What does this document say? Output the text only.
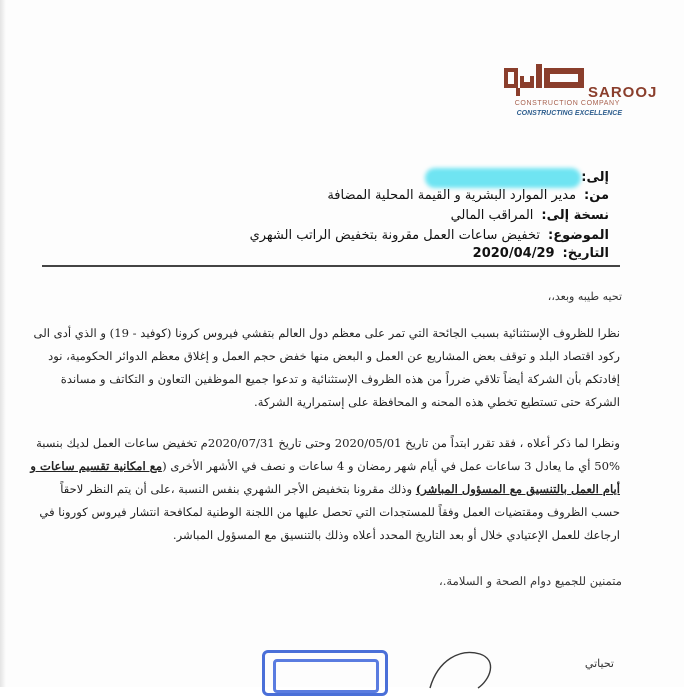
SAROOJ
CONSTRUCTION COMPANY
CONSTRUCTING EXCELLENCE
إلى:
من:مدير الموارد البشرية و القيمة المحلية المضافة
نسخة إلى:المراقب المالي
الموضوع:تخفيض ساعات العمل مقرونة بتخفيض الراتب الشهري
التاريخ:2020/04/29
تحيه طيبه وبعد،،
نظرا للظروف الإستثنائية بسبب الجائحة التي تمر على معظم دول العالم بتفشي فيروس كرونا (كوفيد - 19) و الذي أدى الى
ركود اقتصاد البلد و توقف بعض المشاريع عن العمل و البعض منها خفض حجم العمل و إغلاق معظم الدوائر الحكومية، نود
إفادتكم بأن الشركة أيضاً تلاقي ضرراً من هذه الظروف الإستثنائية و تدعوا جميع الموظفين التعاون و التكاتف و مساندة
الشركة حتى تستطيع تخطي هذه المحنه و المحافظة على إستمرارية الشركة.
ونظرا لما ذكر أعلاه ، فقد تقرر ابتداً من تاريخ 2020/05/01 وحتى تاريخ 2020/07/31م تخفيض ساعات العمل لديك بنسبة
50% أي ما يعادل 3 ساعات عمل في أيام شهر رمضان و 4 ساعات و نصف في الأشهر الأخرى (مع امكانية تقسيم ساعات و
أيام العمل بالتنسيق مع المسؤول المباشر) وذلك مقرونا بتخفيض الأجر الشهري بنفس النسبة ،على أن يتم النظر لاحقاً
حسب الظروف ومقتضيات العمل وفقاً للمستجدات التي تحصل عليها من اللجنة الوطنية لمكافحة انتشار فيروس كورونا في
ارجاعك للعمل الإعتيادي خلال أو بعد التاريخ المحدد أعلاه وذلك بالتنسيق مع المسؤول المباشر.
متمنين للجميع دوام الصحة و السلامة.،
تحياتي
